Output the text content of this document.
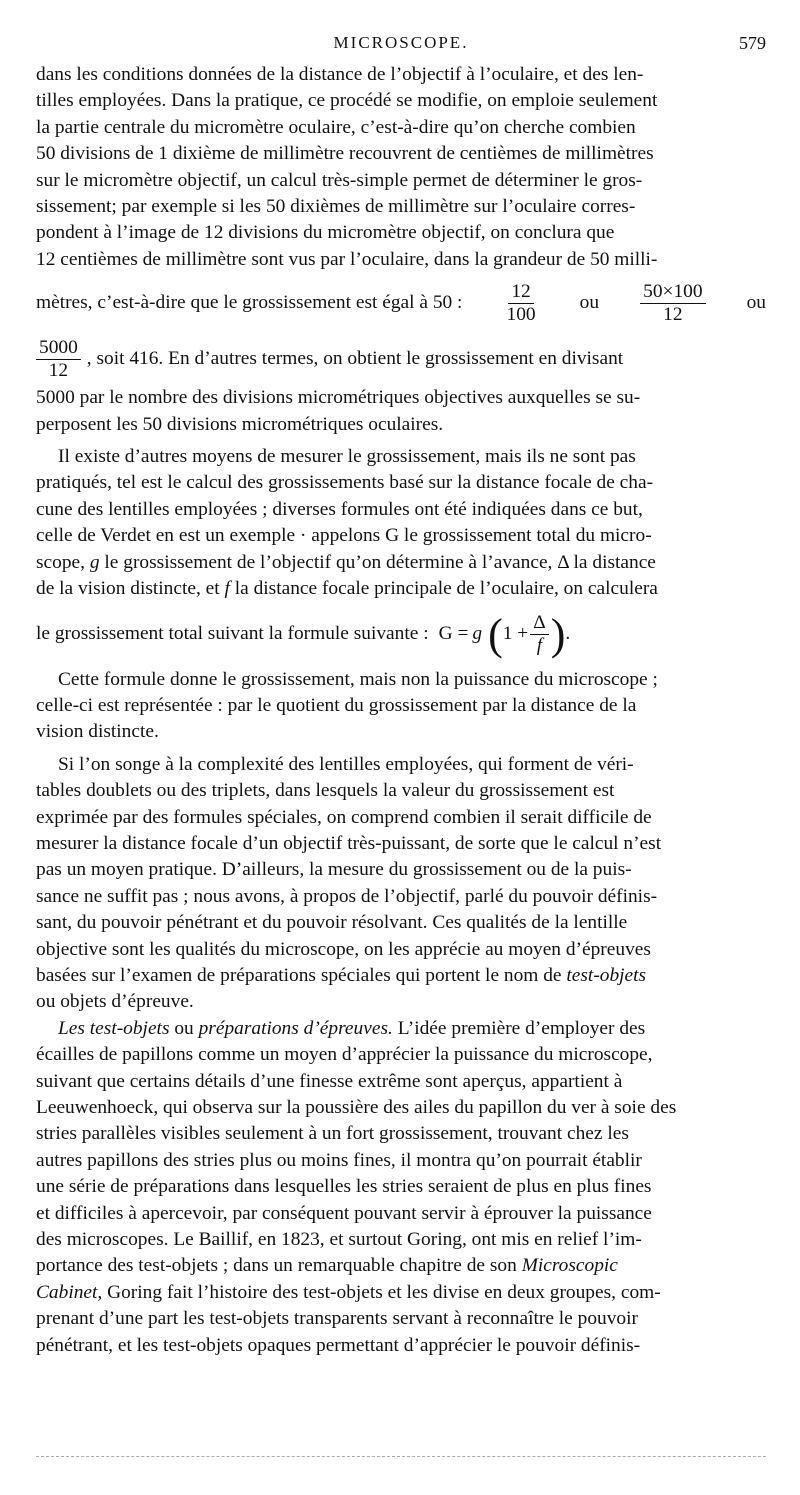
MICROSCOPE.	579

dans les conditions données de la distance de l’objectif à l’oculaire, et des len-

tilles employées. Dans la pratique, ce procédé se modifie, on emploie seulement

la partie centrale du micromètre oculaire, c’est-à-dire qu’on cherche combien

50 divisions de 1 dixième de millimètre recouvrent de centièmes de millimètres

sur le micromètre objectif, un calcul très-simple permet de déterminer le gros-

sissement; par exemple si les 50 dixièmes de millimètre sur l’oculaire corres-

pondent à l’image de 12 divisions du micromètre objectif, on conclura que

12 centièmes de millimètre sont vus par l’oculaire, dans la grandeur de 50 milli-

mètres, c’est-à-dire que le grossissement est égal à 50 : $\frac{12}{100}$ ou $\frac{50\times 100}{12}$ ou
$\frac{5000}{12}$ , soit 416. En d’autres termes, on obtient le grossissement en divisant

5000 par le nombre des divisions micrométriques objectives auxquelles se su-

perposent les 50 divisions micrométriques oculaires.

Il existe d’autres moyens de mesurer le grossissement, mais ils ne sont pas

pratiqués, tel est le calcul des grossissements basé sur la distance focale de cha-

cune des lentilles employées ; diverses formules ont été indiquées dans ce but,

celle de Verdet en est un exemple · appelons G le grossissement total du micro-

scope, g le grossissement de l’objectif qu’on détermine à l’avance, Δ la distance

de la vision distincte, et f la distance focale principale de l’oculaire, on calculera

le grossissement total suivant la formule suivante : G = g ( $1 + \frac{\Delta}{f}$ ) .

Cette formule donne le grossissement, mais non la puissance du microscope ;

celle-ci est représentée : par le quotient du grossissement par la distance de la

vision distincte.

Si l’on songe à la complexité des lentilles employées, qui forment de véri-

tables doublets ou des triplets, dans lesquels la valeur du grossissement est

exprimée par des formules spéciales, on comprend combien il serait difficile de

mesurer la distance focale d’un objectif très-puissant, de sorte que le calcul n’est

pas un moyen pratique. D’ailleurs, la mesure du grossissement ou de la puis-

sance ne suffit pas ; nous avons, à propos de l’objectif, parlé du pouvoir définis-

sant, du pouvoir pénétrant et du pouvoir résolvant. Ces qualités de la lentille

objective sont les qualités du microscope, on les apprécie au moyen d’épreuves

basées sur l’examen de préparations spéciales qui portent le nom de test-objets

ou objets d’épreuve.

Les test-objets ou préparations d’épreuves. L’idée première d’employer des

écailles de papillons comme un moyen d’apprécier la puissance du microscope,

suivant que certains détails d’une finesse extrême sont aperçus, appartient à

Leeuwenhoeck, qui observa sur la poussière des ailes du papillon du ver à soie des

stries parallèles visibles seulement à un fort grossissement, trouvant chez les

autres papillons des stries plus ou moins fines, il montra qu’on pourrait établir

une série de préparations dans lesquelles les stries seraient de plus en plus fines

et difficiles à apercevoir, par conséquent pouvant servir à éprouver la puissance

des microscopes. Le Baillif, en 1823, et surtout Goring, ont mis en relief l’im-

portance des test-objets ; dans un remarquable chapitre de son Microscopic

Cabinet, Goring fait l’histoire des test-objets et les divise en deux groupes, com-

prenant d’une part les test-objets transparents servant à reconnaître le pouvoir

pénétrant, et les test-objets opaques permettant d’apprécier le pouvoir définis-
